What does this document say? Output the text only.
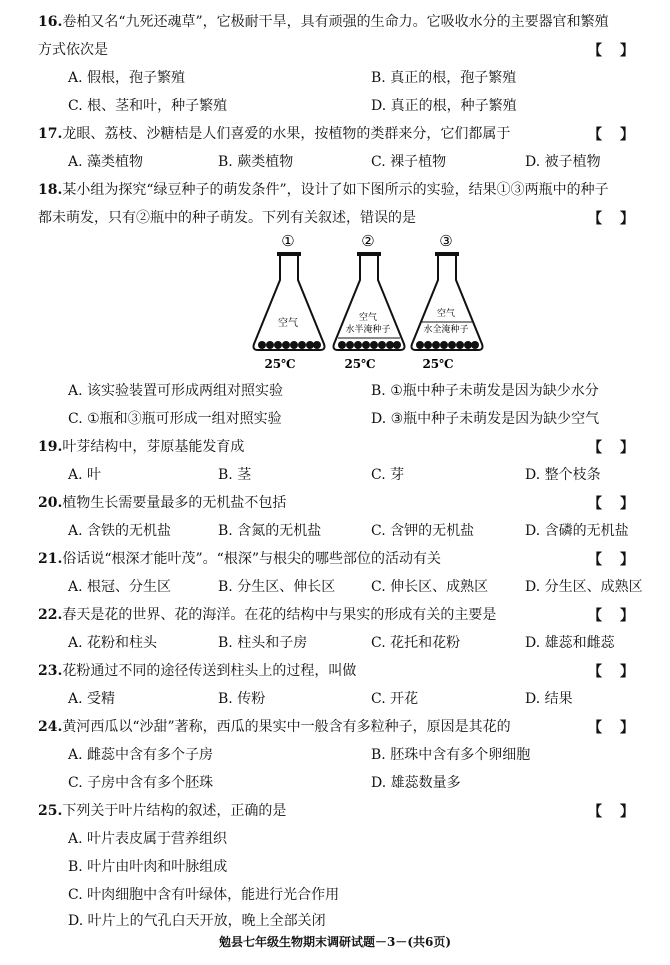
16.卷柏又名“九死还魂草”，它极耐干旱，具有顽强的生命力。它吸收水分的主要器官和繁殖
方式依次是	【】
A. 假根，孢子繁殖	B. 真正的根，孢子繁殖
C. 根、茎和叶，种子繁殖	D. 真正的根，种子繁殖
17.龙眼、荔枝、沙糖桔是人们喜爱的水果，按植物的类群来分，它们都属于	【】
A. 藻类植物	B. 蕨类植物	C. 裸子植物	D. 被子植物
18.某小组为探究“绿豆种子的萌发条件”，设计了如下图所示的实验，结果①③两瓶中的种子
都未萌发，只有②瓶中的种子萌发。下列有关叙述，错误的是	【】
①
空气
25℃
②
空气
水半淹种子
25℃
③
空气
水全淹种子
25℃
A. 该实验装置可形成两组对照实验	B. ①瓶中种子未萌发是因为缺少水分
C. ①瓶和③瓶可形成一组对照实验	D. ③瓶中种子未萌发是因为缺少空气
19.叶芽结构中，芽原基能发育成	【】
A. 叶	B. 茎	C. 芽	D. 整个枝条
20.植物生长需要量最多的无机盐不包括	【】
A. 含铁的无机盐	B. 含氮的无机盐	C. 含钾的无机盐	D. 含磷的无机盐
21.俗话说“根深才能叶茂”。“根深”与根尖的哪些部位的活动有关	【】
A. 根冠、分生区	B. 分生区、伸长区	C. 伸长区、成熟区	D. 分生区、成熟区
22.春天是花的世界、花的海洋。在花的结构中与果实的形成有关的主要是	【】
A. 花粉和柱头	B. 柱头和子房	C. 花托和花粉	D. 雄蕊和雌蕊
23.花粉通过不同的途径传送到柱头上的过程，叫做	【】
A. 受精	B. 传粉	C. 开花	D. 结果
24.黄河西瓜以“沙甜”著称，西瓜的果实中一般含有多粒种子，原因是其花的	【】
A. 雌蕊中含有多个子房	B. 胚珠中含有多个卵细胞
C. 子房中含有多个胚珠	D. 雄蕊数量多
25.下列关于叶片结构的叙述，正确的是	【】
A. 叶片表皮属于营养组织
B. 叶片由叶肉和叶脉组成
C. 叶肉细胞中含有叶绿体，能进行光合作用
D. 叶片上的气孔白天开放，晚上全部关闭
勉县七年级生物期末调研试题－3－(共6页)
